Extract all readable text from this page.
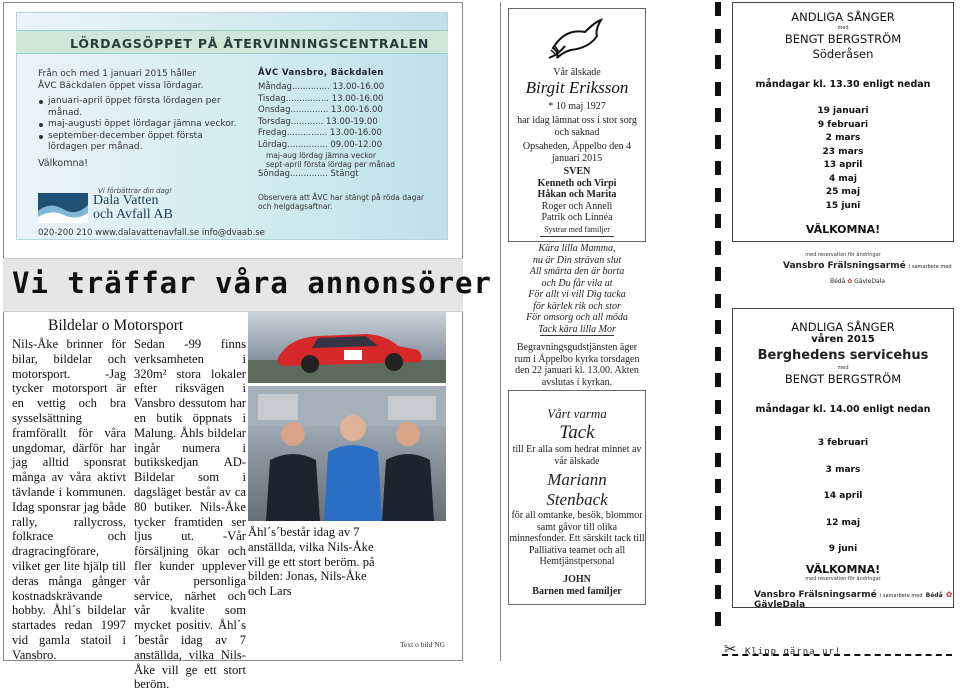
LÖRDAGSÖPPET PÅ ÅTERVINNINGSCENTRALEN
Från och med 1 januari 2015 håller
ÅVC Bäckdalen öppet vissa lördagar.
januari-april öppet första lördagen per månad.
maj-augusti öppet lördagar jämna veckor.
september-december öppet första lördagen per månad.
Välkomna!
Vi förbättrar din dag!
Dala Vatten
och Avfall AB
020-200 210 www.dalavattenavfall.se info@dvaab.se
ÅVC Vansbro, Bäckdalen
Måndag.............. 13.00-16.00
Tisdag................ 13.00-16.00
Onsdag.............. 13.00-16.00
Torsdag............ 13.00-19.00
Fredag............... 13.00-16.00
Lördag............... 09.00-12.00
maj-aug lördag jämna veckor
sept-april första lördag per månad
Söndag.............. Stängt
Observera att ÅVC har stängt på röda dagar och helgdagsaftnar.
Vi träffar våra annonsörer
Bildelar o Motorsport
Nils-Åke brinner för bilar, bildelar och motorsport. -Jag tycker motorsport är en vettig och bra sysselsättning framförallt för våra ungdomar, därför har jag alltid sponsrat många av våra aktivt tävlande i kommunen. Idag sponsrar jag både rally, rallycross, folkrace och dragracingförare, vilket ger lite hjälp till deras många gånger kostnadskrävande hobby. Åhl´s bildelar startades redan 1997 vid gamla statoil i Vansbro.
Sedan -99 finns verksamheten i 320m² stora lokaler efter riksvägen i Vansbro dessutom har en butik öppnats i Malung. Åhls bildelar ingår numera i butikskedjan AD-Bildelar som i dagsläget består av ca 80 butiker. Nils-Åke tycker framtiden ser ljus ut. -Vår försäljning ökar och fler kunder upplever vår personliga service, närhet och vår kvalite som mycket positiv. Åhl´s´består idag av 7 anställda, vilka Nils-Åke vill ge ett stort beröm.
Åhl´s´består idag av 7 anställda, vilka Nils-Åke vill ge ett stort beröm. på bilden: Jonas, Nils-Åke och Lars
Text o bild NG
Vår älskade
Birgit Eriksson
* 10 maj 1927
har idag lämnat oss i stor sorg och saknad
Opsaheden, Äppelbo den 4 januari 2015
SVEN
Kenneth och Virpi
Håkan och Marita
Roger och Anneli
Patrik och Linnéa
Systrar med familjer
Kära lilla Mamma,
nu är Din strävan slut
All smärta den är borta
och Du får vila ut
För allt vi vill Dig tacka
för kärlek rik och stor
För omsorg och all möda
Tack kära lilla Mor
Begravningsgudstjänsten äger rum i Äppelbo kyrka torsdagen den 22 januari kl. 13.00. Akten avslutas i kyrkan.
Vårt varma
Tack
till Er alla som hedrat minnet av vår älskade
Mariann
Stenback
för all omtanke, besök, blommor samt gåvor till olika minnesfonder. Ett särskilt tack till Palliativa teamet och all Hemtjänstpersonal
JOHN
Barnen med familjer
✂ Klipp gärna ur!
ANDLIGA SÅNGER
med
BENGT BERGSTRÖM
Söderåsen
måndagar kl. 13.30 enligt nedan
19 januari
9 februari
2 mars
23 mars
13 april
4 maj
25 maj
15 juni
VÄLKOMNA!
med reservation för ändringar
Vansbro Frälsningsarmé i samarbete med
Bédå ✿ GävleDala
ANDLIGA SÅNGER
våren 2015
Berghedens servicehus
med
BENGT BERGSTRÖM
måndagar kl. 14.00 enligt nedan
3 februari
3 mars
14 april
12 maj
9 juni
VÄLKOMNA!
med reservation för ändringar
Vansbro Frälsningsarmé i samarbete med Bédå ✿ GävleDala
